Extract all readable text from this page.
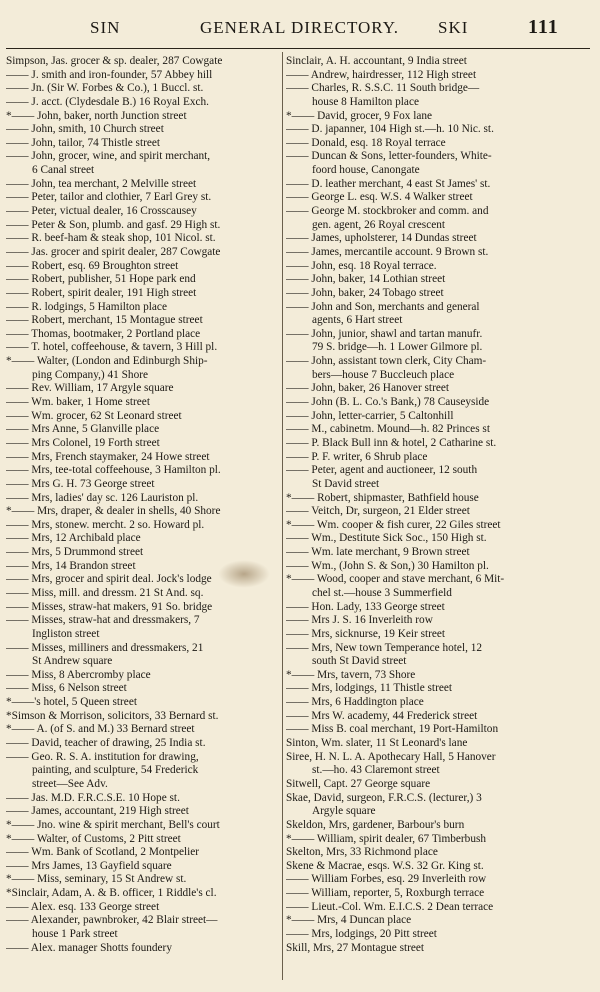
SIN	GENERAL DIRECTORY. SKI	111
Simpson, Jas. grocer & sp. dealer, 287 Cowgate
—— J. smith and iron-founder, 57 Abbey hill
—— Jn. (Sir W. Forbes & Co.), 1 Buccl. st.
—— J. acct. (Clydesdale B.) 16 Royal Exch.
*—— John, baker, north Junction street
—— John, smith, 10 Church street
—— John, tailor, 74 Thistle street
—— John, grocer, wine, and spirit merchant,
6 Canal street
—— John, tea merchant, 2 Melville street
—— Peter, tailor and clothier, 7 Earl Grey st.
—— Peter, victual dealer, 16 Crosscausey
—— Peter & Son, plumb. and gasf. 29 High st.
—— R. beef-ham & steak shop, 101 Nicol. st.
—— Jas. grocer and spirit dealer, 287 Cowgate
—— Robert, esq. 69 Broughton street
—— Robert, publisher, 51 Hope park end
—— Robert, spirit dealer, 191 High street
—— R. lodgings, 5 Hamilton place
—— Robert, merchant, 15 Montague street
—— Thomas, bootmaker, 2 Portland place
—— T. hotel, coffeehouse, & tavern, 3 Hill pl.
*—— Walter, (London and Edinburgh Ship-
ping Company,) 41 Shore
—— Rev. William, 17 Argyle square
—— Wm. baker, 1 Home street
—— Wm. grocer, 62 St Leonard street
—— Mrs Anne, 5 Glanville place
—— Mrs Colonel, 19 Forth street
—— Mrs, French staymaker, 24 Howe street
—— Mrs, tee-total coffeehouse, 3 Hamilton pl.
—— Mrs G. H. 73 George street
—— Mrs, ladies' day sc. 126 Lauriston pl.
*—— Mrs, draper, & dealer in shells, 40 Shore
—— Mrs, stonew. mercht. 2 so. Howard pl.
—— Mrs, 12 Archibald place
—— Mrs, 5 Drummond street
—— Mrs, 14 Brandon street
—— Mrs, grocer and spirit deal. Jock's lodge
—— Miss, mill. and dressm. 21 St And. sq.
—— Misses, straw-hat makers, 91 So. bridge
—— Misses, straw-hat and dressmakers, 7
Ingliston street
—— Misses, milliners and dressmakers, 21
St Andrew square
—— Miss, 8 Abercromby place
—— Miss, 6 Nelson street
*——'s hotel, 5 Queen street
*Simson & Morrison, solicitors, 33 Bernard st.
*—— A. (of S. and M.) 33 Bernard street
—— David, teacher of drawing, 25 India st.
—— Geo. R. S. A. institution for drawing,
painting, and sculpture, 54 Frederick
street—See Adv.
—— Jas. M.D. F.R.C.S.E. 10 Hope st.
—— James, accountant, 219 High street
*—— Jno. wine & spirit merchant, Bell's court
*—— Walter, of Customs, 2 Pitt street
—— Wm. Bank of Scotland, 2 Montpelier
—— Mrs James, 13 Gayfield square
*—— Miss, seminary, 15 St Andrew st.
*Sinclair, Adam, A. & B. officer, 1 Riddle's cl.
—— Alex. esq. 133 George street
—— Alexander, pawnbroker, 42 Blair street—
house 1 Park street
—— Alex. manager Shotts foundery
Sinclair, A. H. accountant, 9 India street
—— Andrew, hairdresser, 112 High street
—— Charles, R. S.S.C. 11 South bridge—
house 8 Hamilton place
*—— David, grocer, 9 Fox lane
—— D. japanner, 104 High st.—h. 10 Nic. st.
—— Donald, esq. 18 Royal terrace
—— Duncan & Sons, letter-founders, White-
foord house, Canongate
—— D. leather merchant, 4 east St James' st.
—— George L. esq. W.S. 4 Walker street
—— George M. stockbroker and comm. and
gen. agent, 26 Royal crescent
—— James, upholsterer, 14 Dundas street
—— James, mercantile account. 9 Brown st.
—— John, esq. 18 Royal terrace.
—— John, baker, 14 Lothian street
—— John, baker, 24 Tobago street
—— John and Son, merchants and general
agents, 6 Hart street
—— John, junior, shawl and tartan manufr.
79 S. bridge—h. 1 Lower Gilmore pl.
—— John, assistant town clerk, City Cham-
bers—house 7 Buccleuch place
—— John, baker, 26 Hanover street
—— John (B. L. Co.'s Bank,) 78 Causeyside
—— John, letter-carrier, 5 Caltonhill
—— M., cabinetm. Mound—h. 82 Princes st
—— P. Black Bull inn & hotel, 2 Catharine st.
—— P. F. writer, 6 Shrub place
—— Peter, agent and auctioneer, 12 south
St David street
*—— Robert, shipmaster, Bathfield house
—— Veitch, Dr, surgeon, 21 Elder street
*—— Wm. cooper & fish curer, 22 Giles street
—— Wm., Destitute Sick Soc., 150 High st.
—— Wm. late merchant, 9 Brown street
—— Wm., (John S. & Son,) 30 Hamilton pl.
*—— Wood, cooper and stave merchant, 6 Mit-
chel st.—house 3 Summerfield
—— Hon. Lady, 133 George street
—— Mrs J. S. 16 Inverleith row
—— Mrs, sicknurse, 19 Keir street
—— Mrs, New town Temperance hotel, 12
south St David street
*—— Mrs, tavern, 73 Shore
—— Mrs, lodgings, 11 Thistle street
—— Mrs, 6 Haddington place
—— Mrs W. academy, 44 Frederick street
—— Miss B. coal merchant, 19 Port-Hamilton
Sinton, Wm. slater, 11 St Leonard's lane
Siree, H. N. L. A. Apothecary Hall, 5 Hanover
st.—ho. 43 Claremont street
Sitwell, Capt. 27 George square
Skae, David, surgeon, F.R.C.S. (lecturer,) 3
Argyle square
Skeldon, Mrs, gardener, Barbour's burn
*—— William, spirit dealer, 67 Timberbush
Skelton, Mrs, 33 Richmond place
Skene & Macrae, esqs. W.S. 32 Gr. King st.
—— William Forbes, esq. 29 Inverleith row
—— William, reporter, 5, Roxburgh terrace
—— Lieut.-Col. Wm. E.I.C.S. 2 Dean terrace
*—— Mrs, 4 Duncan place
—— Mrs, lodgings, 20 Pitt street
Skill, Mrs, 27 Montague street
